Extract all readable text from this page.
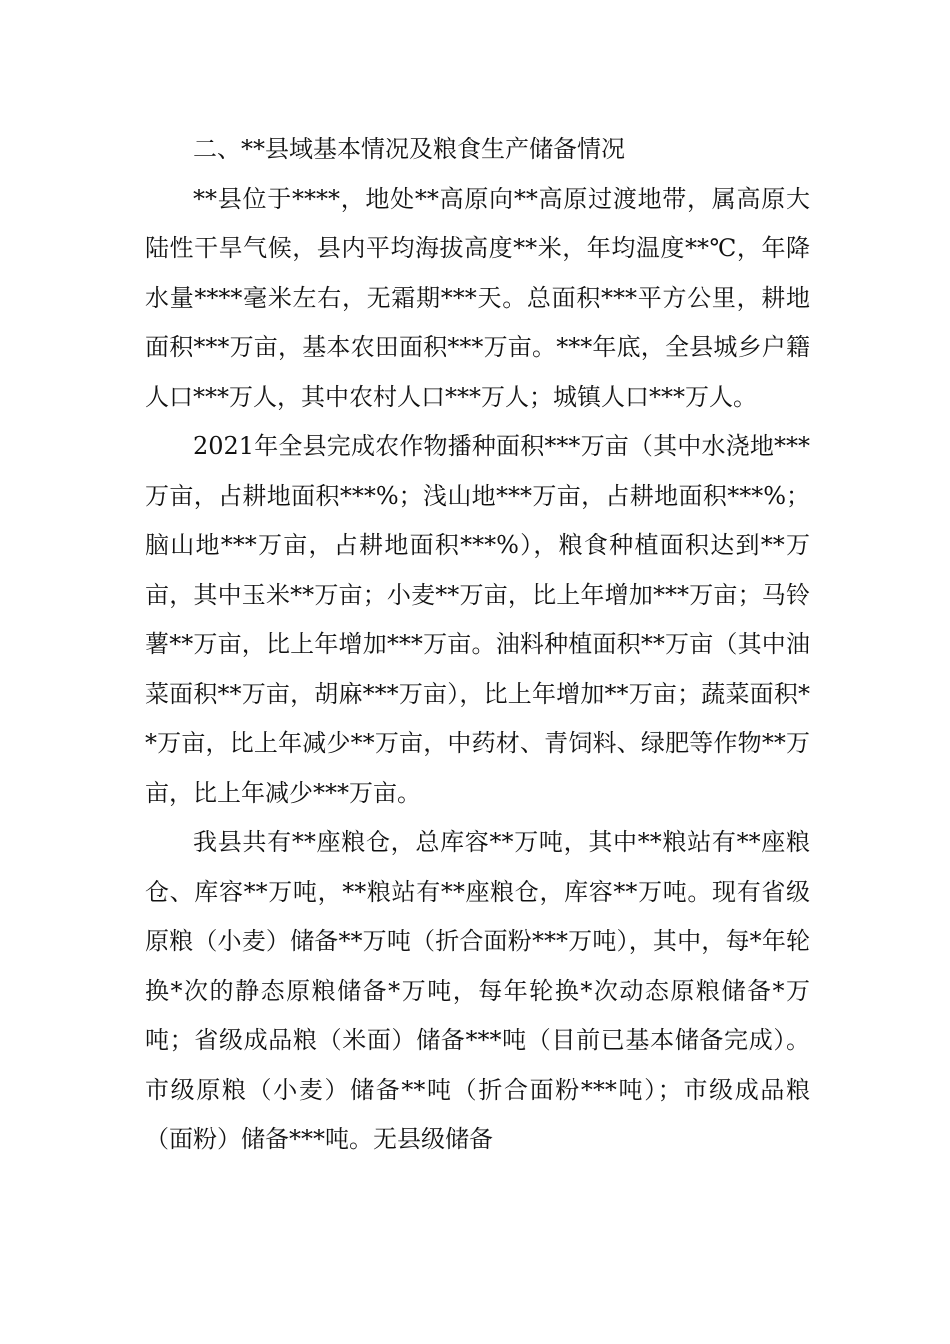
二、**县域基本情况及粮食生产储备情况

**县位于****，地处**高原向**高原过渡地带，属高原大陆性干旱气候，县内平均海拔高度**米，年均温度**℃，年降水量****毫米左右，无霜期***天。总面积***平方公里，耕地面积***万亩，基本农田面积***万亩。***年底，全县城乡户籍人口***万人，其中农村人口***万人；城镇人口***万人。

2021年全县完成农作物播种面积***万亩（其中水浇地***万亩，占耕地面积***%；浅山地***万亩，占耕地面积***%；脑山地***万亩，占耕地面积***%），粮食种植面积达到**万亩，其中玉米**万亩；小麦**万亩，比上年增加***万亩；马铃薯**万亩，比上年增加***万亩。油料种植面积**万亩（其中油菜面积**万亩，胡麻***万亩），比上年增加**万亩；蔬菜面积**万亩，比上年减少**万亩，中药材、青饲料、绿肥等作物**万亩，比上年减少***万亩。

我县共有**座粮仓，总库容**万吨，其中**粮站有**座粮仓、库容**万吨，**粮站有**座粮仓，库容**万吨。现有省级原粮（小麦）储备**万吨（折合面粉***万吨），其中，每*年轮换*次的静态原粮储备*万吨，每年轮换*次动态原粮储备*万吨；省级成品粮（米面）储备***吨（目前已基本储备完成）。市级原粮（小麦）储备**吨（折合面粉***吨）；市级成品粮（面粉）储备***吨。无县级储备
